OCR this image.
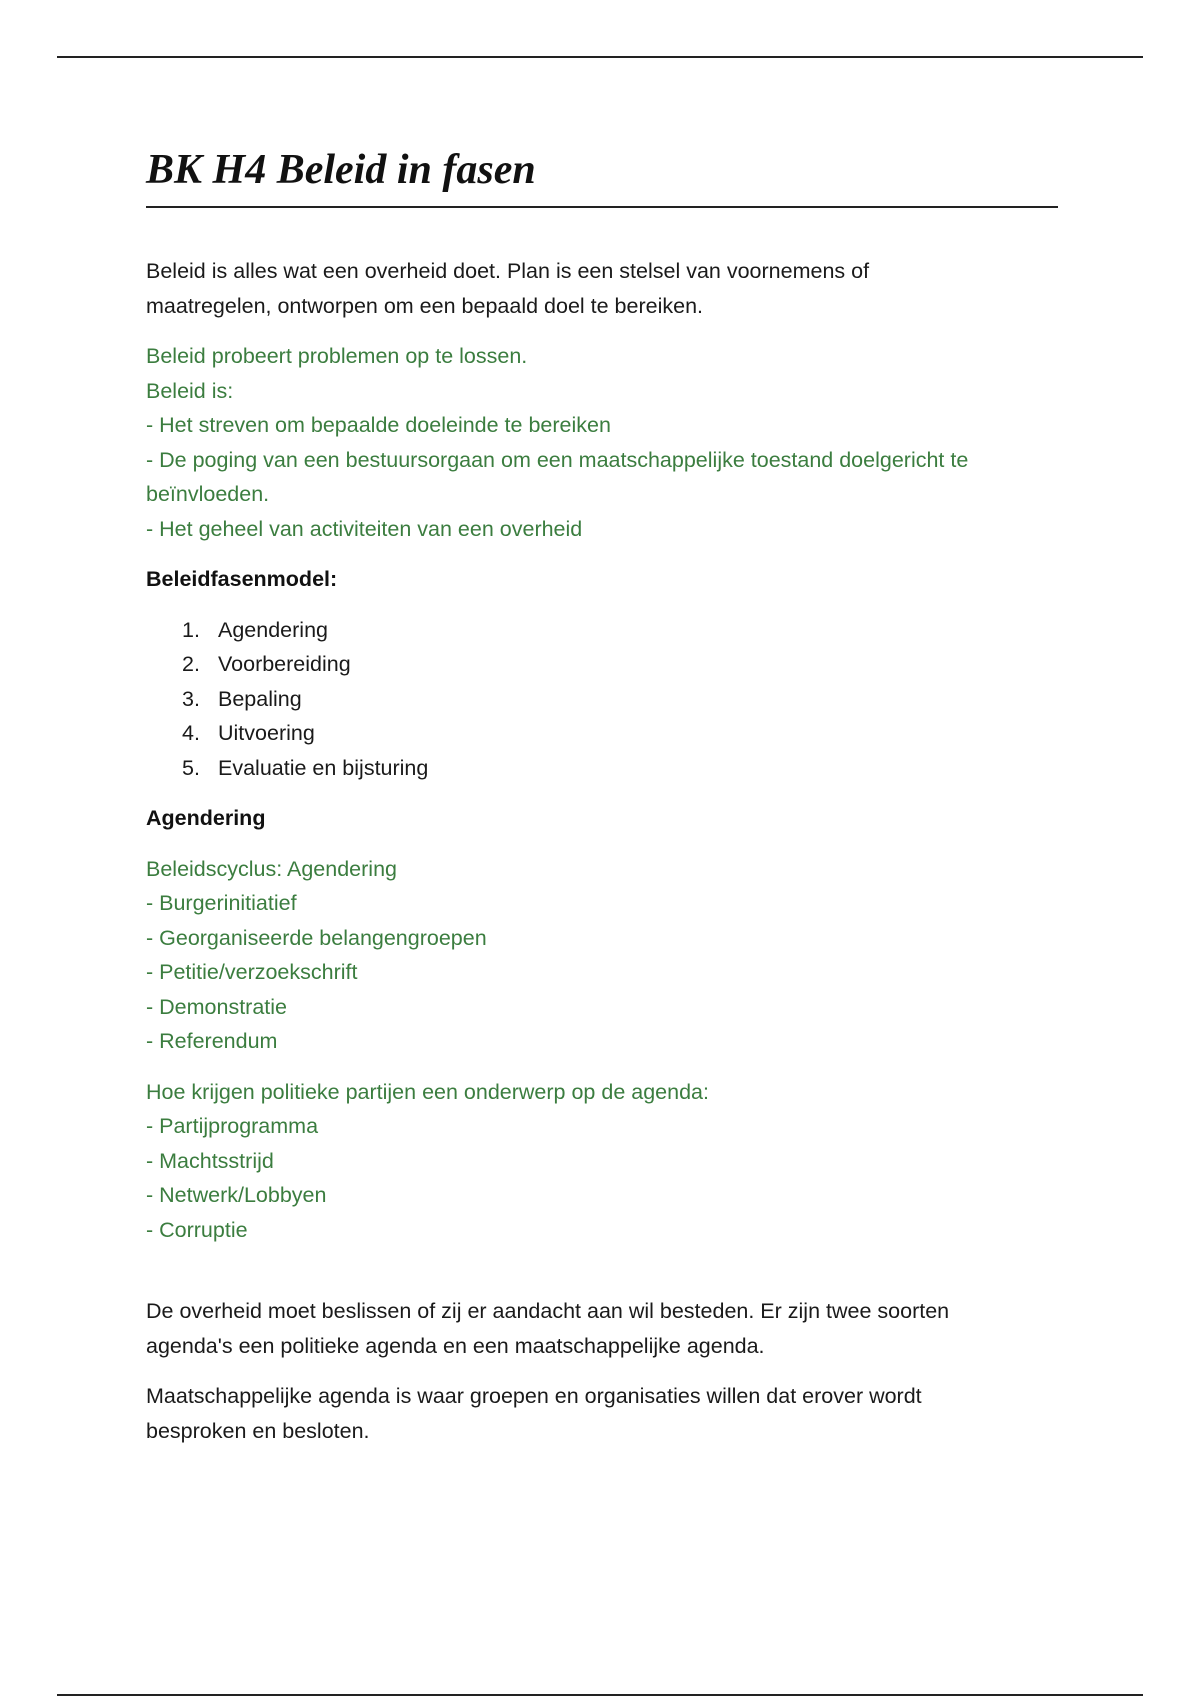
BK H4 Beleid in fasen
Beleid is alles wat een overheid doet. Plan is een stelsel van voornemens of
maatregelen, ontworpen om een bepaald doel te bereiken.
Beleid probeert problemen op te lossen.
Beleid is:
- Het streven om bepaalde doeleinde te bereiken
- De poging van een bestuursorgaan om een maatschappelijke toestand doelgericht te
beïnvloeden.
- Het geheel van activiteiten van een overheid
Beleidfasenmodel:
1. Agendering
2. Voorbereiding
3. Bepaling
4. Uitvoering
5. Evaluatie en bijsturing
Agendering
Beleidscyclus: Agendering
- Burgerinitiatief
- Georganiseerde belangengroepen
- Petitie/verzoekschrift
- Demonstratie
- Referendum
Hoe krijgen politieke partijen een onderwerp op de agenda:
- Partijprogramma
- Machtsstrijd
- Netwerk/Lobbyen
- Corruptie
De overheid moet beslissen of zij er aandacht aan wil besteden. Er zijn twee soorten
agenda's een politieke agenda en een maatschappelijke agenda.
Maatschappelijke agenda is waar groepen en organisaties willen dat erover wordt
besproken en besloten.
